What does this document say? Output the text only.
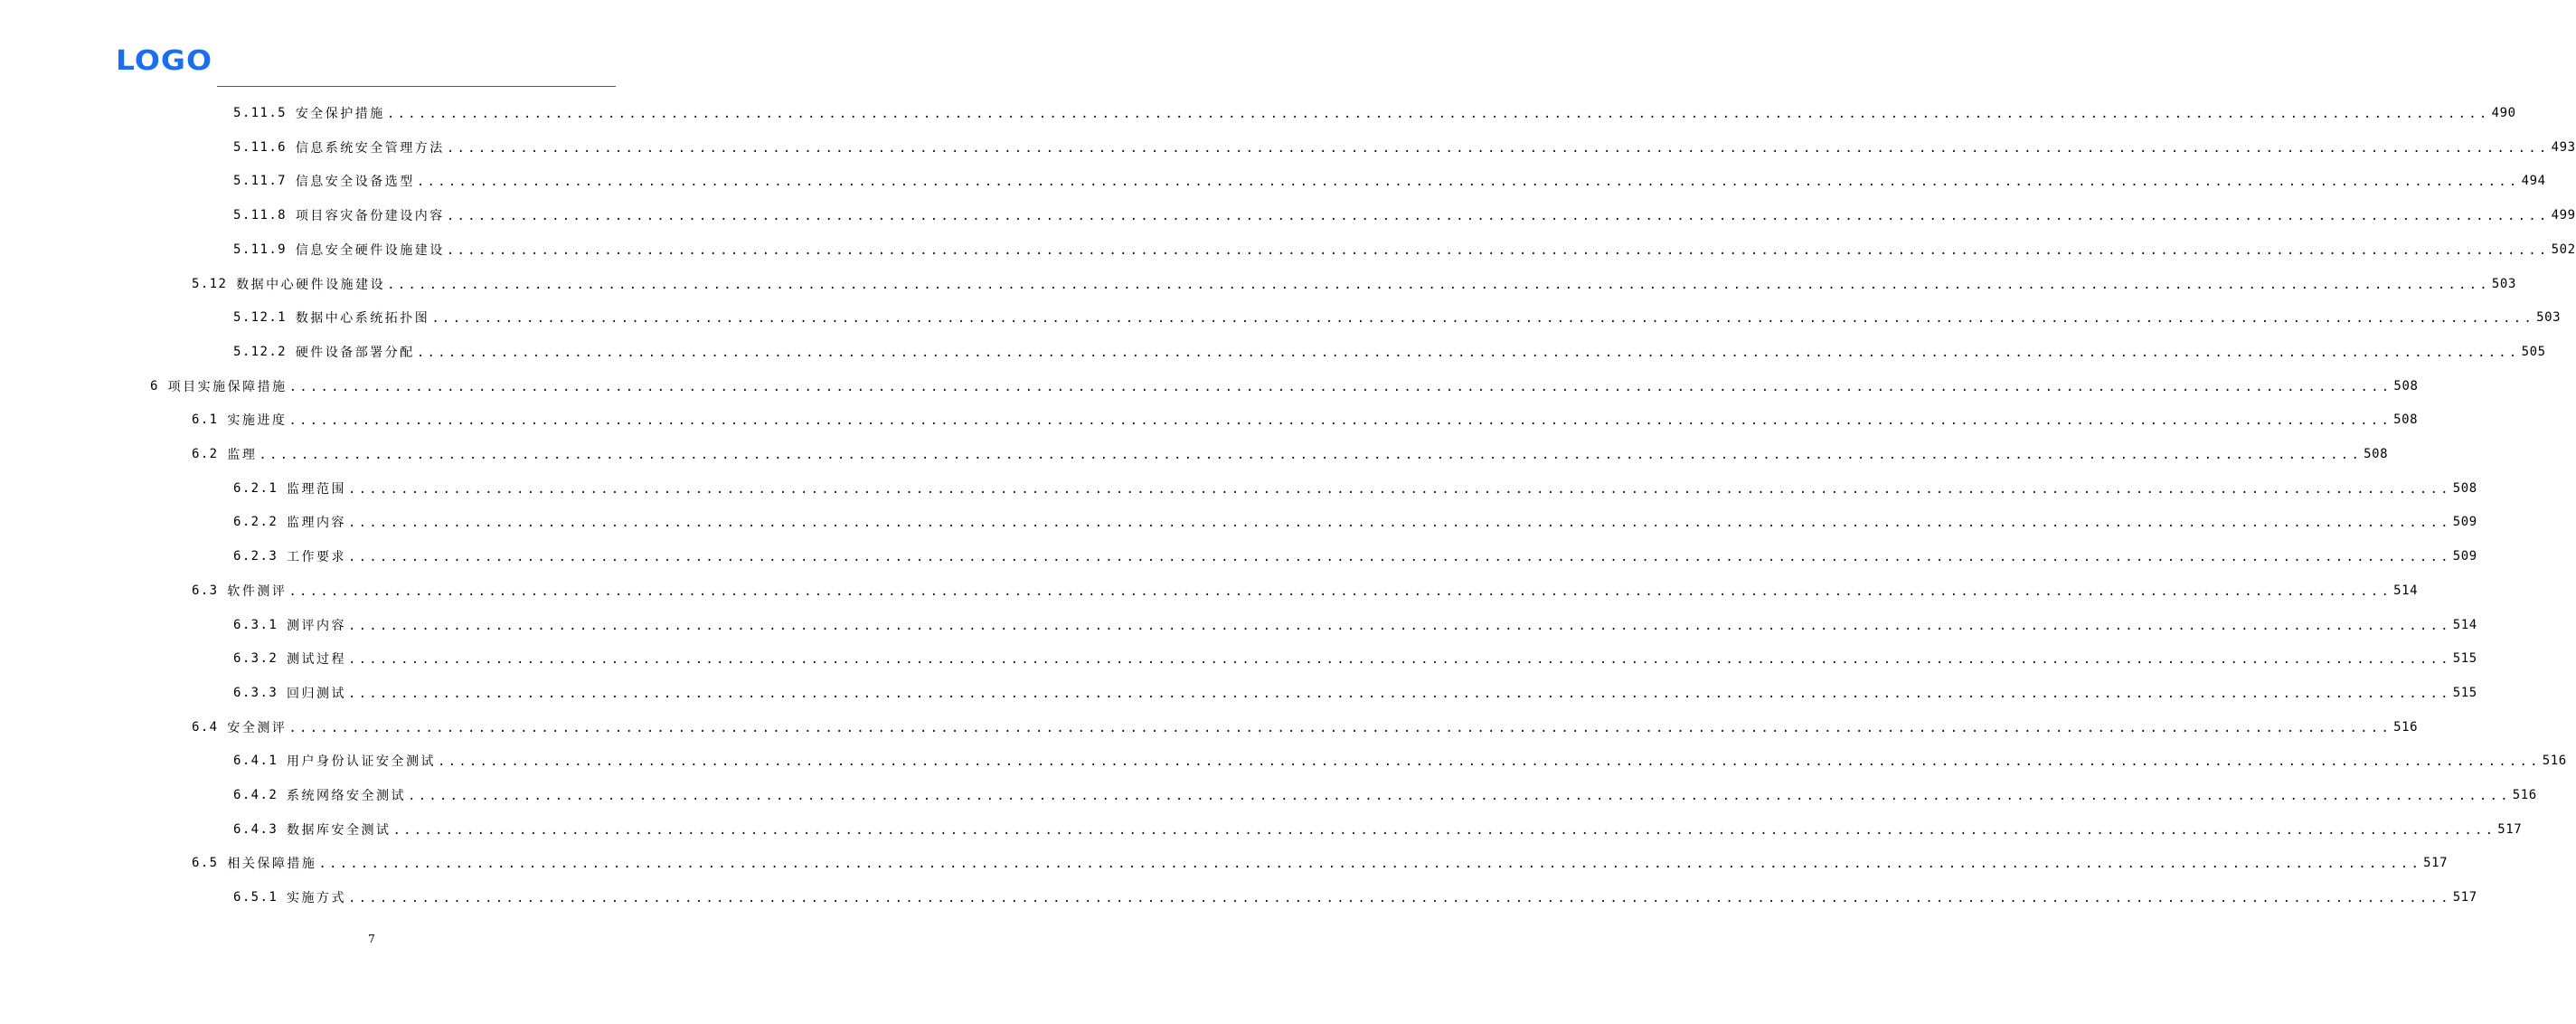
LOGO
5.11.5 安全保护措施 ........................................................................................................................................................................................................ 490
5.11.6 信息系统安全管理方法 ........................................................................................................................................................................................................ 493
5.11.7 信息安全设备选型 ........................................................................................................................................................................................................ 494
5.11.8 项目容灾备份建设内容 ........................................................................................................................................................................................................ 499
5.11.9 信息安全硬件设施建设 ........................................................................................................................................................................................................ 502
5.12 数据中心硬件设施建设 ........................................................................................................................................................................................................ 503
5.12.1 数据中心系统拓扑图 ........................................................................................................................................................................................................ 503
5.12.2 硬件设备部署分配 ........................................................................................................................................................................................................ 505
6 项目实施保障措施 ........................................................................................................................................................................................................ 508
6.1 实施进度 ........................................................................................................................................................................................................ 508
6.2 监理 ........................................................................................................................................................................................................ 508
6.2.1 监理范围 ........................................................................................................................................................................................................ 508
6.2.2 监理内容 ........................................................................................................................................................................................................ 509
6.2.3 工作要求 ........................................................................................................................................................................................................ 509
6.3 软件测评 ........................................................................................................................................................................................................ 514
6.3.1 测评内容 ........................................................................................................................................................................................................ 514
6.3.2 测试过程 ........................................................................................................................................................................................................ 515
6.3.3 回归测试 ........................................................................................................................................................................................................ 515
6.4 安全测评 ........................................................................................................................................................................................................ 516
6.4.1 用户身份认证安全测试 ........................................................................................................................................................................................................ 516
6.4.2 系统网络安全测试 ........................................................................................................................................................................................................ 516
6.4.3 数据库安全测试 ........................................................................................................................................................................................................ 517
6.5 相关保障措施 ........................................................................................................................................................................................................ 517
6.5.1 实施方式 ........................................................................................................................................................................................................ 517
7
